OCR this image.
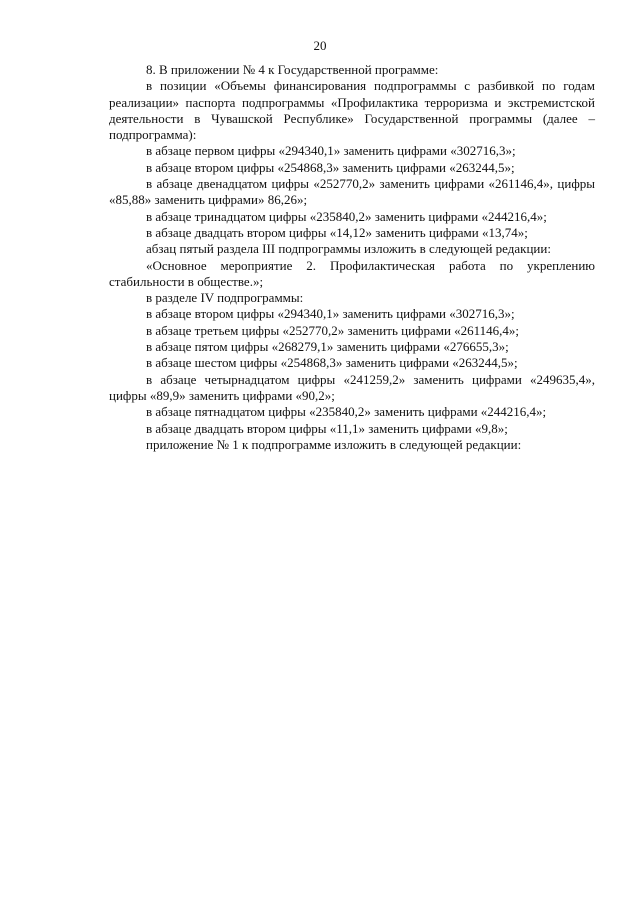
20

8. В приложении № 4 к Государственной программе:

в позиции «Объемы финансирования подпрограммы с разбивкой по годам реализации» паспорта подпрограммы «Профилактика терроризма и экстремистской деятельности в Чувашской Республике» Государственной программы (далее – подпрограмма):

в абзаце первом цифры «294340,1» заменить цифрами «302716,3»;

в абзаце втором цифры «254868,3» заменить цифрами «263244,5»;

в абзаце двенадцатом цифры «252770,2» заменить цифрами «261146,4», цифры «85,88» заменить цифрами» 86,26»;

в абзаце тринадцатом цифры «235840,2» заменить цифрами «244216,4»;

в абзаце двадцать втором цифры «14,12» заменить цифрами «13,74»;

абзац пятый раздела III подпрограммы изложить в следующей редакции:

«Основное мероприятие 2. Профилактическая работа по укреплению стабильности в обществе.»;

в разделе IV подпрограммы:

в абзаце втором цифры «294340,1» заменить цифрами «302716,3»;

в абзаце третьем цифры «252770,2» заменить цифрами «261146,4»;

в абзаце пятом цифры «268279,1» заменить цифрами «276655,3»;

в абзаце шестом цифры «254868,3» заменить цифрами «263244,5»;

в абзаце четырнадцатом цифры «241259,2» заменить цифрами «249635,4», цифры «89,9» заменить цифрами «90,2»;

в абзаце пятнадцатом цифры «235840,2» заменить цифрами «244216,4»;

в абзаце двадцать втором цифры «11,1» заменить цифрами «9,8»;

приложение № 1 к подпрограмме изложить в следующей редакции:
